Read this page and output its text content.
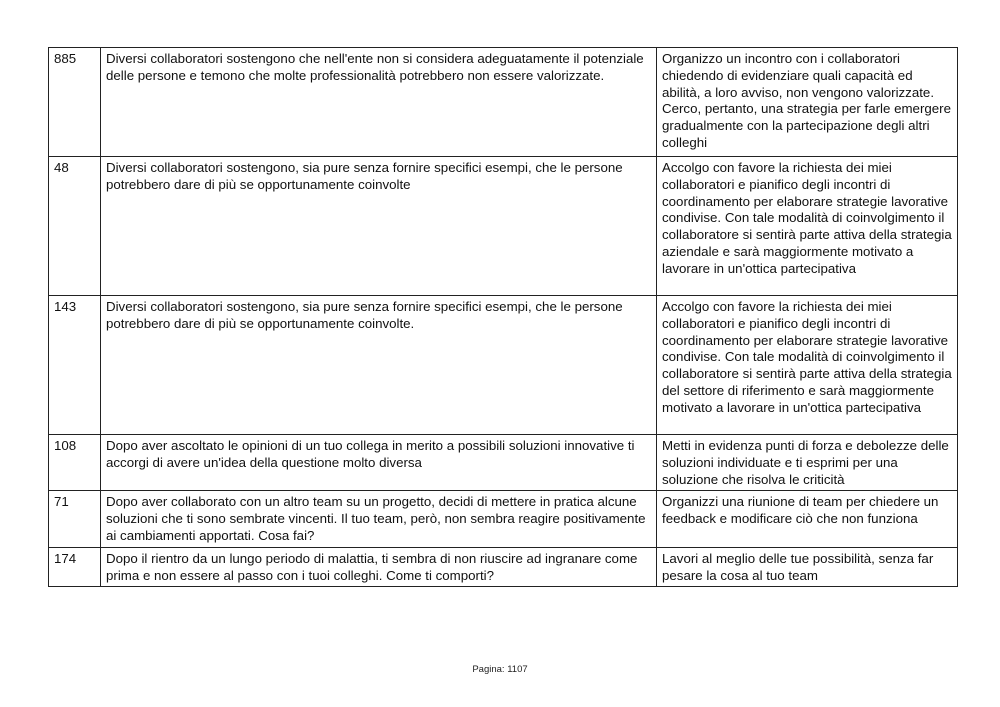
885	Diversi collaboratori sostengono che nell'ente non si considera adeguatamente il potenziale delle persone e temono che molte professionalità potrebbero non essere valorizzate.	Organizzo un incontro con i collaboratori chiedendo di evidenziare quali capacità ed abilità, a loro avviso, non vengono valorizzate. Cerco, pertanto, una strategia per farle emergere gradualmente con la partecipazione degli altri colleghi
48	Diversi collaboratori sostengono, sia pure senza fornire specifici esempi, che le persone potrebbero dare di più se opportunamente coinvolte	Accolgo con favore la richiesta dei miei collaboratori e pianifico degli incontri di coordinamento per elaborare strategie lavorative condivise. Con tale modalità di coinvolgimento il collaboratore si sentirà parte attiva della strategia aziendale e sarà maggiormente motivato a lavorare in un'ottica partecipativa
143	Diversi collaboratori sostengono, sia pure senza fornire specifici esempi, che le persone potrebbero dare di più se opportunamente coinvolte.	Accolgo con favore la richiesta dei miei collaboratori e pianifico degli incontri di coordinamento per elaborare strategie lavorative condivise. Con tale modalità di coinvolgimento il collaboratore si sentirà parte attiva della strategia del settore di riferimento e sarà maggiormente motivato a lavorare in un'ottica partecipativa
108	Dopo aver ascoltato le opinioni di un tuo collega in merito a possibili soluzioni innovative ti accorgi di avere un'idea della questione molto diversa	Metti in evidenza punti di forza e debolezze delle soluzioni individuate e ti esprimi per una soluzione che risolva le criticità
71	Dopo aver collaborato con un altro team su un progetto, decidi di mettere in pratica alcune soluzioni che ti sono sembrate vincenti. Il tuo team, però, non sembra reagire positivamente ai cambiamenti apportati. Cosa fai?	Organizzi una riunione di team per chiedere un feedback e modificare ciò che non funziona
174	Dopo il rientro da un lungo periodo di malattia, ti sembra di non riuscire ad ingranare come prima e non essere al passo con i tuoi colleghi. Come ti comporti?	Lavori al meglio delle tue possibilità, senza far pesare la cosa al tuo team
Pagina: 1107
